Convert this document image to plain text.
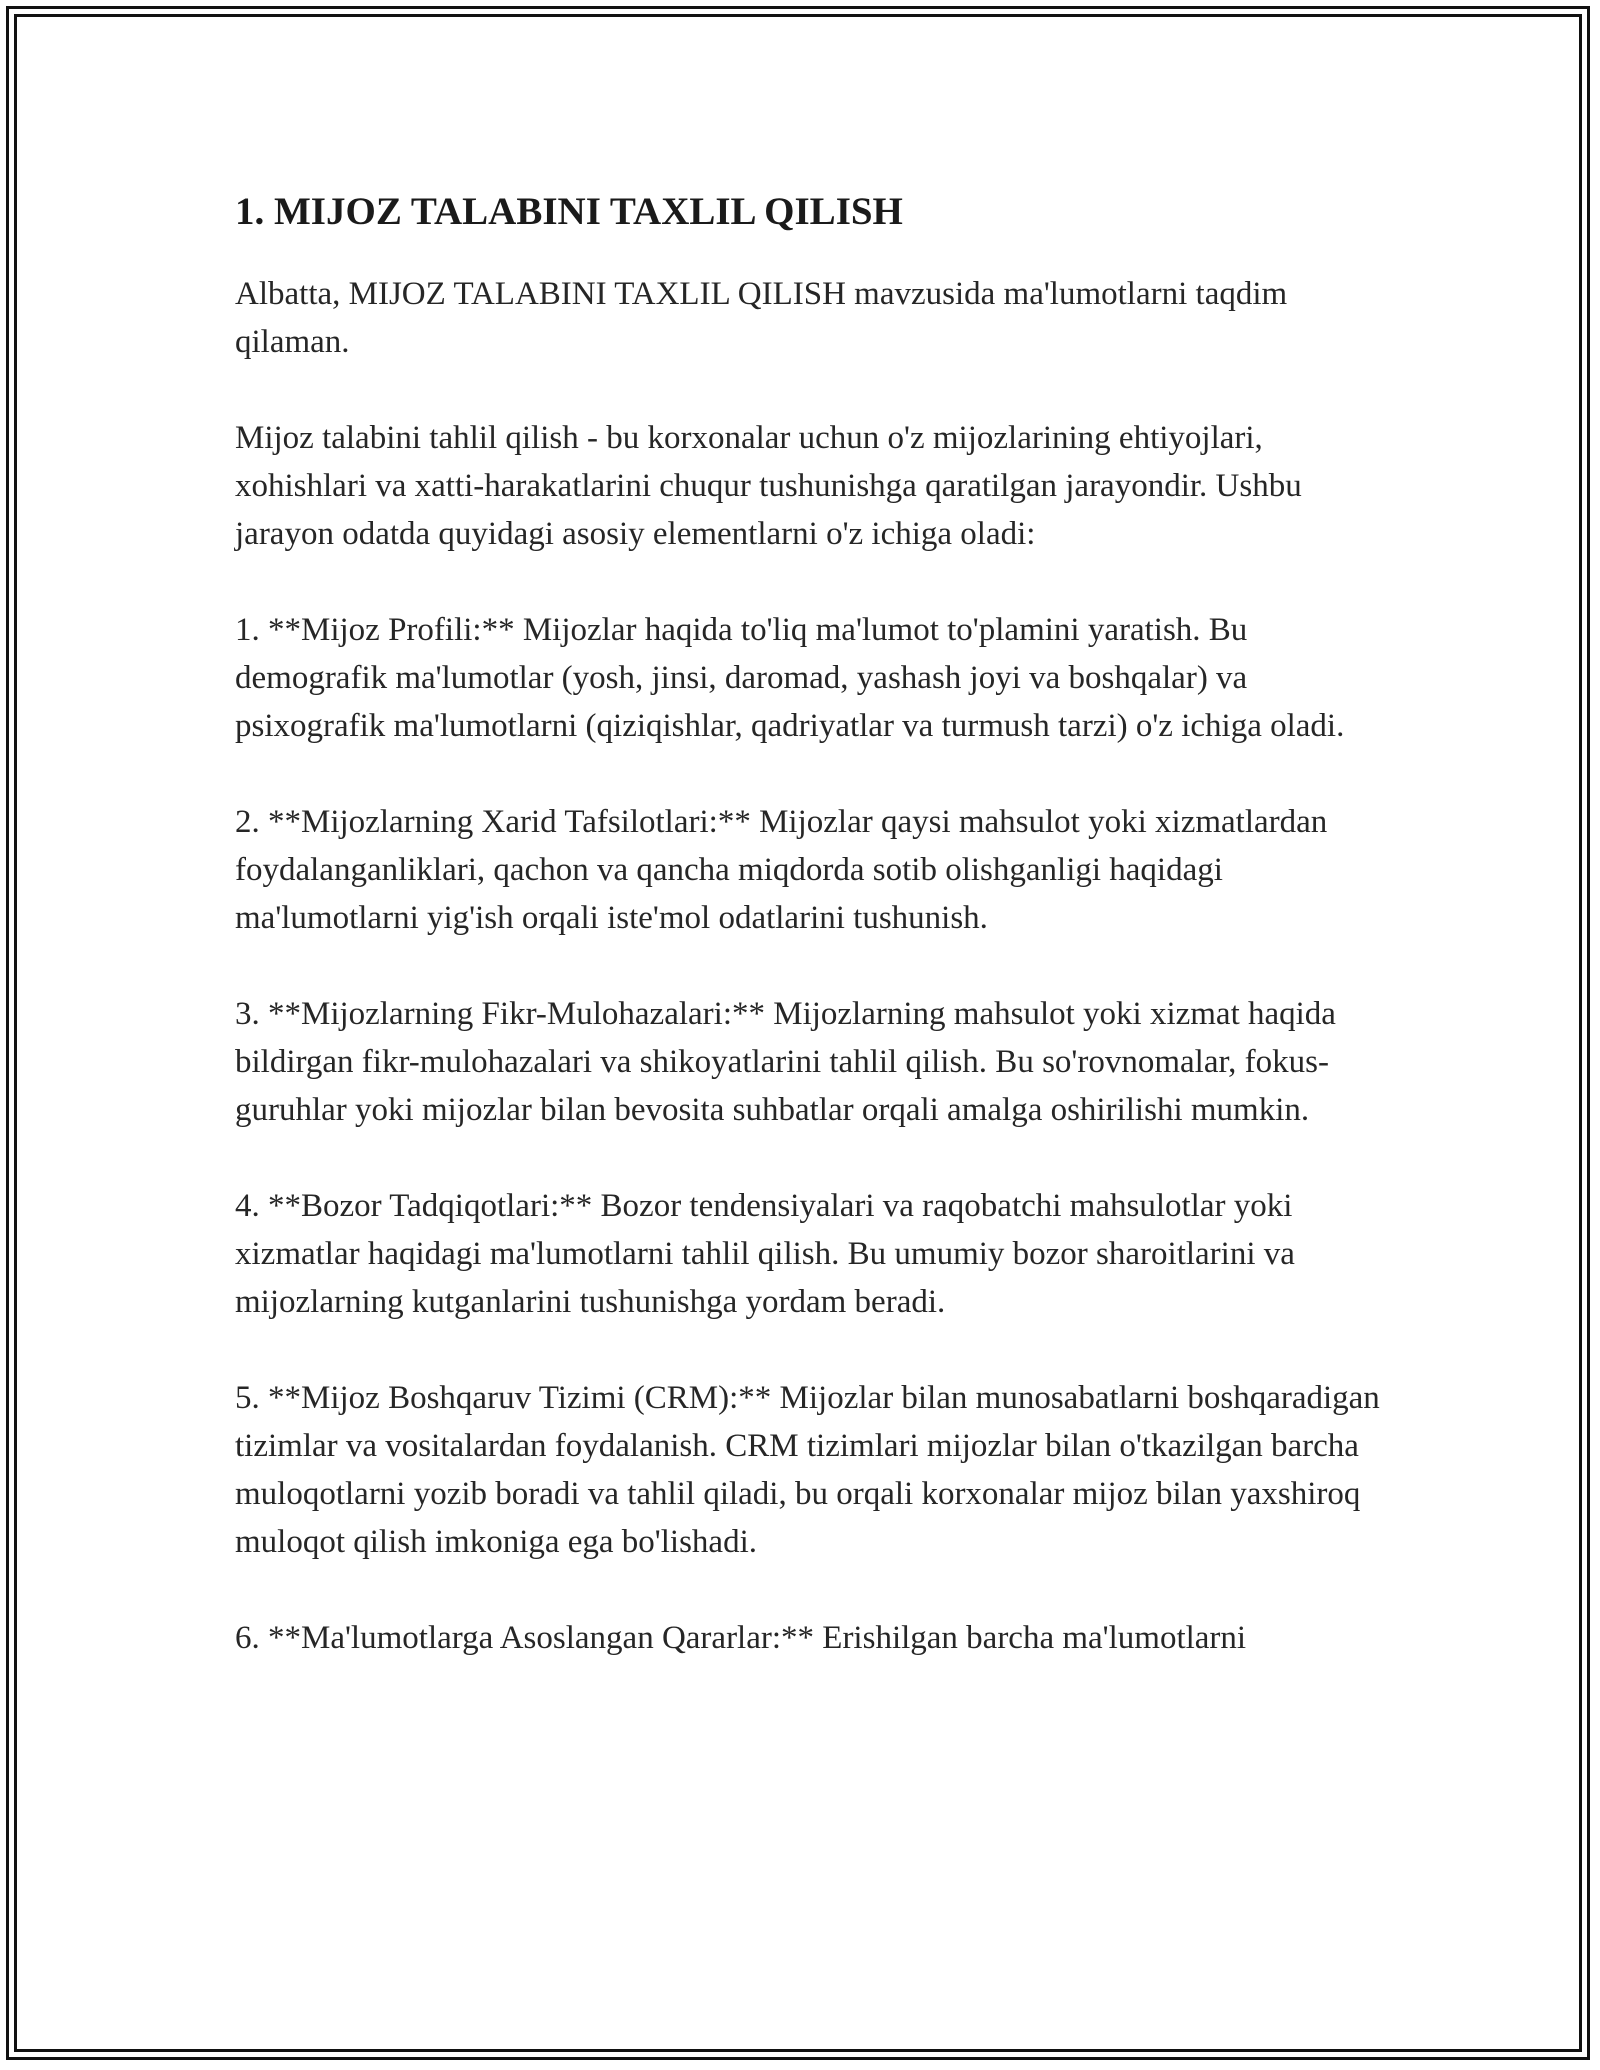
1. MIJOZ TALABINI TAXLIL QILISH

Albatta, MIJOZ TALABINI TAXLIL QILISH mavzusida ma'lumotlarni taqdim qilaman.

Mijoz talabini tahlil qilish - bu korxonalar uchun o'z mijozlarining ehtiyojlari, xohishlari va xatti-harakatlarini chuqur tushunishga qaratilgan jarayondir. Ushbu jarayon odatda quyidagi asosiy elementlarni o'z ichiga oladi:

1. **Mijoz Profili:** Mijozlar haqida to'liq ma'lumot to'plamini yaratish. Bu demografik ma'lumotlar (yosh, jinsi, daromad, yashash joyi va boshqalar) va psixografik ma'lumotlarni (qiziqishlar, qadriyatlar va turmush tarzi) o'z ichiga oladi.

2. **Mijozlarning Xarid Tafsilotlari:** Mijozlar qaysi mahsulot yoki xizmatlardan foydalanganliklari, qachon va qancha miqdorda sotib olishganligi haqidagi ma'lumotlarni yig'ish orqali iste'mol odatlarini tushunish.

3. **Mijozlarning Fikr-Mulohazalari:** Mijozlarning mahsulot yoki xizmat haqida bildirgan fikr-mulohazalari va shikoyatlarini tahlil qilish. Bu so'rovnomalar, fokus-guruhlar yoki mijozlar bilan bevosita suhbatlar orqali amalga oshirilishi mumkin.

4. **Bozor Tadqiqotlari:** Bozor tendensiyalari va raqobatchi mahsulotlar yoki xizmatlar haqidagi ma'lumotlarni tahlil qilish. Bu umumiy bozor sharoitlarini va mijozlarning kutganlarini tushunishga yordam beradi.

5. **Mijoz Boshqaruv Tizimi (CRM):** Mijozlar bilan munosabatlarni boshqaradigan tizimlar va vositalardan foydalanish. CRM tizimlari mijozlar bilan o'tkazilgan barcha muloqotlarni yozib boradi va tahlil qiladi, bu orqali korxonalar mijoz bilan yaxshiroq muloqot qilish imkoniga ega bo'lishadi.

6. **Ma'lumotlarga Asoslangan Qararlar:** Erishilgan barcha ma'lumotlarni
